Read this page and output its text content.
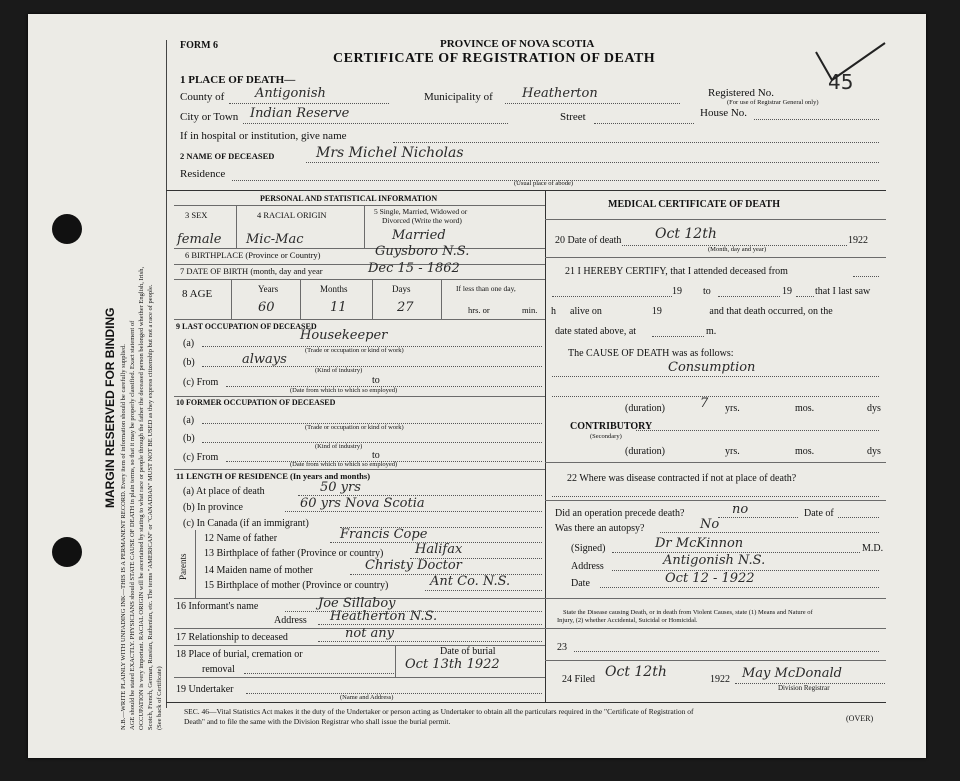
MARGIN RESERVED FOR BINDING N.B.—WRITE PLAINLY WITH UNFADING INK—THIS IS A PERMANENT RECORD. Every item of information should be carefully supplied. AGE should be stated EXACTLY. PHYSICIANS should STATE CAUSE OF DEATH in plain terms, so that it may be properly classified. Exact statement of OCCUPATION is very important. RACIAL ORIGIN will be ascertained by stating to what race or people through the father the deceased person belonged whether English, Irish, Scotch, French, German, Russian, Ruthenian, etc. The terms "AMERICAN" or "CANADIAN" MUST NOT BE USED as they express citizenship but not a race of people. (See back of Certificate)
FORM 6	PROVINCE OF NOVA SCOTIA
CERTIFICATE OF REGISTRATION OF DEATH
45
1 PLACE OF DEATH—
County of Antigonish	Municipality of Heatherton	Registered No.
(For use of Registrar General only)
City or Town Indian Reserve	Street	House No.
If in hospital or institution, give name
2 NAME OF DECEASED	Mrs Michel Nicholas
Residence
(Usual place of abode)
PERSONAL AND STATISTICAL INFORMATION
3 SEX	4 RACIAL ORIGIN	5 Single, Married, Widowed or
Divorced (Write the word)
female Mic-Mac	Married
6 BIRTHPLACE (Province or Country)	Guysboro N.S.
7 DATE OF BIRTH (month, day and year	Dec 15 - 1862
8 AGE	Years	Months	Days	If less than one day,
60	11	27	hrs. or	min.
9 LAST OCCUPATION OF DECEASED
(a)
Housekeeper
(Trade or occupation or kind of work)
(b)	always
(Kind of industry)
(c) From	to
(Date from which to which so employed)
10 FORMER OCCUPATION OF DECEASED
(a)
(Trade or occupation or kind of work)
(b)
(Kind of industry)
(c) From	to
(Date from which to which so employed)
11 LENGTH OF RESIDENCE (In years and months)
(a) At place of death	50 yrs
(b) In province	60 yrs Nova Scotia
(c) In Canada (if an immigrant)
Parents
12 Name of father	Francis Cope
13 Birthplace of father (Province or country) Halifax
14 Maiden name of mother	Christy Doctor
15 Birthplace of mother (Province or country)	Ant Co. N.S.
16 Informant's name	Joe Sillaboy
Address Heatherton N.S.
17 Relationship to deceased	not any
18 Place of burial, cremation or
removal
Date of burial
Oct 13th 1922
19 Undertaker
(Name and Address)
MEDICAL CERTIFICATE OF DEATH
20 Date of death Oct 12th	1922
(Month, day and year)
21 I HEREBY CERTIFY, that I attended deceased from
19 to	19 that I last saw
h alive on                    19                   and that death occurred, on the
date stated above, at	m.
The CAUSE OF DEATH was as follows:
Consumption
(duration)	7 yrs.	mos.	dys
CONTRIBUTORY
(Secondary)
(duration)	yrs.	mos.	dys
22 Where was disease contracted if not at place of death?
Did an operation precede death?	no	Date of
Was there an autopsy?	No
(Signed)	Dr McKinnon	M.D.
Address	Antigonish N.S.
Date	Oct 12 - 1922
State the Disease causing Death, or in death from Violent Causes, state (1) Means and Nature of
Injury, (2) whether Accidental, Suicidal or Homicidal.
23
24 Filed Oct 12th	1922 May McDonald
Division Registrar
SEC. 46—Vital Statistics Act makes it the duty of the Undertaker or person acting as Undertaker to obtain all the particulars required in the "Certificate of Registration of
Death" and to file the same with the Division Registrar who shall issue the burial permit.	(OVER)
